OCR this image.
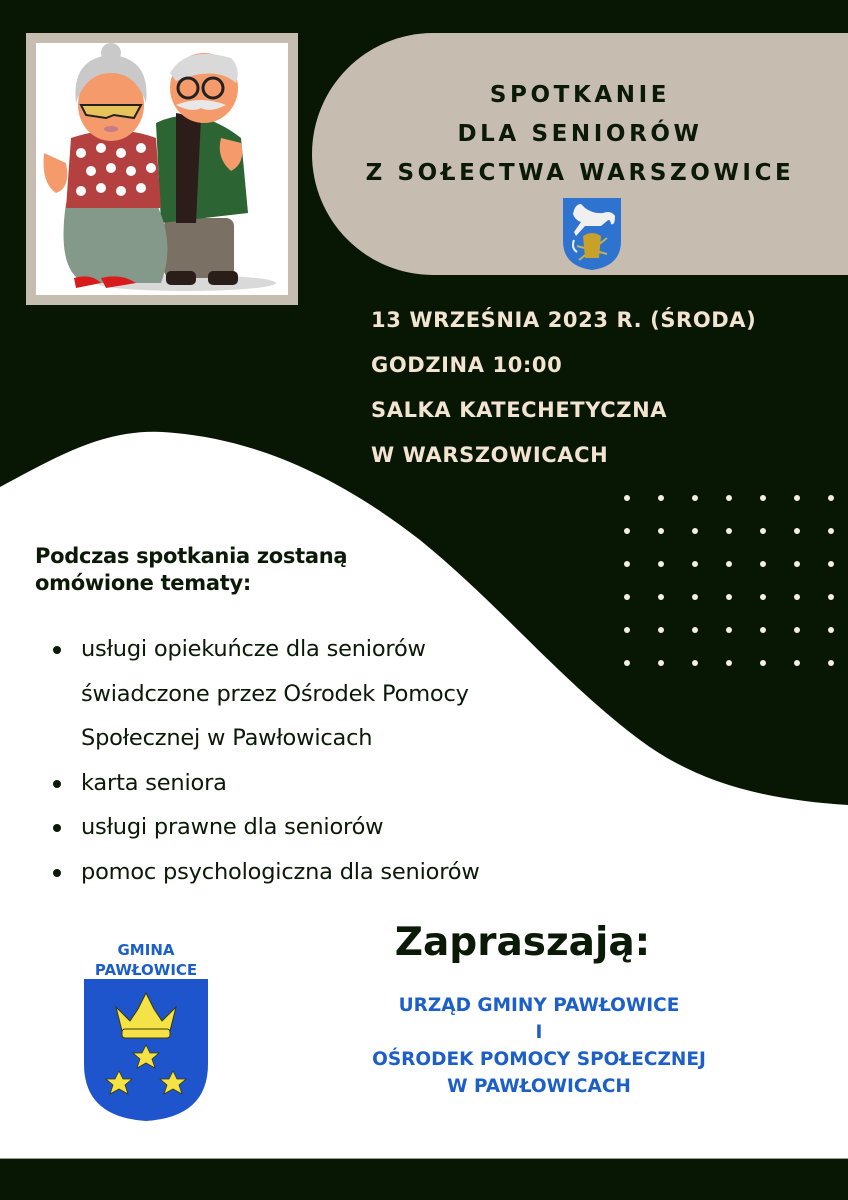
SPOTKANIE
DLA SENIORÓW
Z SOŁECTWA WARSZOWICE
13 WRZEŚNIA 2023 R. (ŚRODA)
GODZINA 10:00
SALKA KATECHETYCZNA
W WARSZOWICACH
Podczas spotkania zostaną
omówione tematy:
usługi opiekuńcze dla seniorów
świadczone przez Ośrodek Pomocy
Społecznej w Pawłowicach
karta seniora
usługi prawne dla seniorów
pomoc psychologiczna dla seniorów
GMINA
PAWŁOWICE
Zapraszają:
URZĄD GMINY PAWŁOWICE
I
OŚRODEK POMOCY SPOŁECZNEJ
W PAWŁOWICACH
